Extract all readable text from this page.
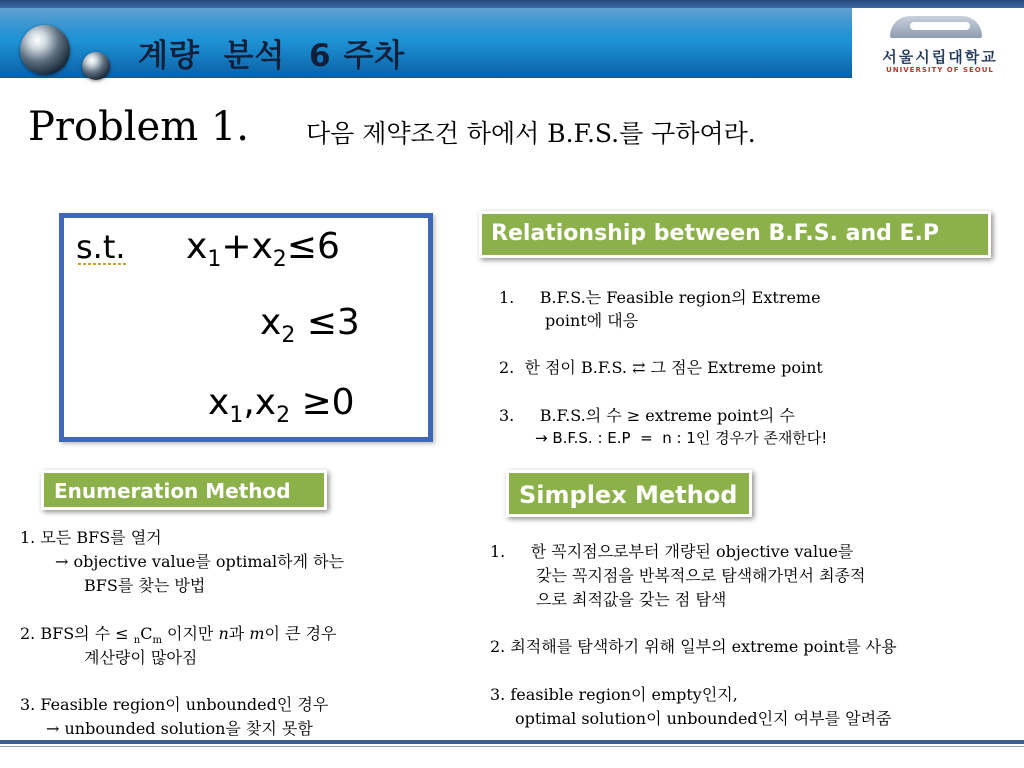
계량  분석  6 주차	서울시립대학교
UNIVERSITY OF SEOUL
Problem 1. 다음 제약조건 하에서 B.F.S.를 구하여라.
s.t. $x_1+x_2\le 6$
$x_2 \le 3$
$x_1,x_2 \ge 0$
Relationship between B.F.S. and E.P
1.     B.F.S.는 Feasible region의 Extreme
point에 대응
2.  한 점이 B.F.S. ⇄ 그 점은 Extreme point
3.     B.F.S.의 수 ≥ extreme point의 수
→ B.F.S. : E.P  =  n : 1인 경우가 존재한다!
Enumeration Method
1. 모든 BFS를 열거
→ objective value를 optimal하게 하는
BFS를 찾는 방법
2. BFS의 수 ≤ $_nC_m$ 이지만 n과 m이 큰 경우
계산량이 많아짐
3. Feasible region이 unbounded인 경우
→ unbounded solution을 찾지 못함
Simplex Method
1.     한 꼭지점으로부터 개량된 objective value를
갖는 꼭지점을 반복적으로 탐색해가면서 최종적
으로 최적값을 갖는 점 탐색
2. 최적해를 탐색하기 위해 일부의 extreme point를 사용
3. feasible region이 empty인지,
optimal solution이 unbounded인지 여부를 알려줌
